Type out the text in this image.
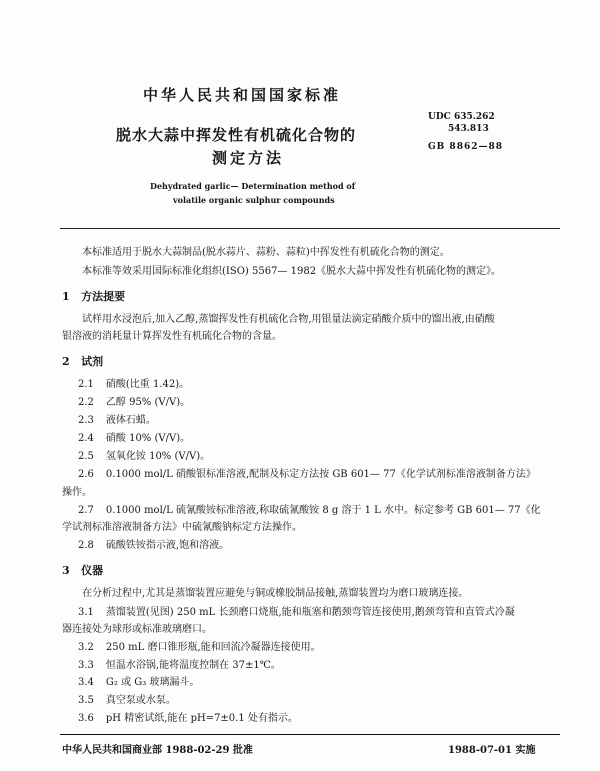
中华人民共和国国家标准
脱水大蒜中挥发性有机硫化合物的
测定方法
Dehydrated garlic— Determination method of
volatile organic sulphur compounds
UDC 635.262
543.813
GB 8862—88
本标准适用于脱水大蒜制品(脱水蒜片、蒜粉、蒜粒)中挥发性有机硫化合物的测定。
本标准等效采用国际标准化组织(ISO) 5567— 1982《脱水大蒜中挥发性有机硫化物的测定》。
1 方法提要
试样用水浸泡后,加入乙醇,蒸馏挥发性有机硫化合物,用银量法滴定硝酸介质中的馏出液,由硝酸
银溶液的消耗量计算挥发性有机硫化合物的含量。
2 试剂
2.1 硝酸(比重 1.42)。
2.2 乙醇 95% (V/V)。
2.3 液体石蜡。
2.4 硝酸 10% (V/V)。
2.5 氢氧化铵 10% (V/V)。
2.6 0.1000 mol/L 硝酸银标准溶液,配制及标定方法按 GB 601— 77《化学试剂标准溶液制备方法》
操作。
2.7 0.1000 mol/L 硫氰酸铵标准溶液,称取硫氰酸铵 8 g 溶于 1 L 水中。标定参考 GB 601— 77《化
学试剂标准溶液制备方法》中硫氰酸钠标定方法操作。
2.8 硫酸铁铵指示液,饱和溶液。
3 仪器
在分析过程中,尤其是蒸馏装置应避免与铜或橡胶制品接触,蒸馏装置均为磨口玻璃连接。
3.1 蒸馏装置(见图) 250 mL 长颈磨口烧瓶,能和瓶塞和鹅颈弯管连接使用,鹅颈弯管和直管式冷凝
器连接处为球形或标准玻璃磨口。
3.2 250 mL 磨口锥形瓶,能和回流冷凝器连接使用。
3.3 恒温水浴锅,能将温度控制在 37±1℃。
3.4 G₂ 或 G₃ 玻璃漏斗。
3.5 真空泵或水泵。
3.6 pH 精密试纸,能在 pH=7±0.1 处有指示。
中华人民共和国商业部 1988-02-29 批准	1988-07-01 实施
